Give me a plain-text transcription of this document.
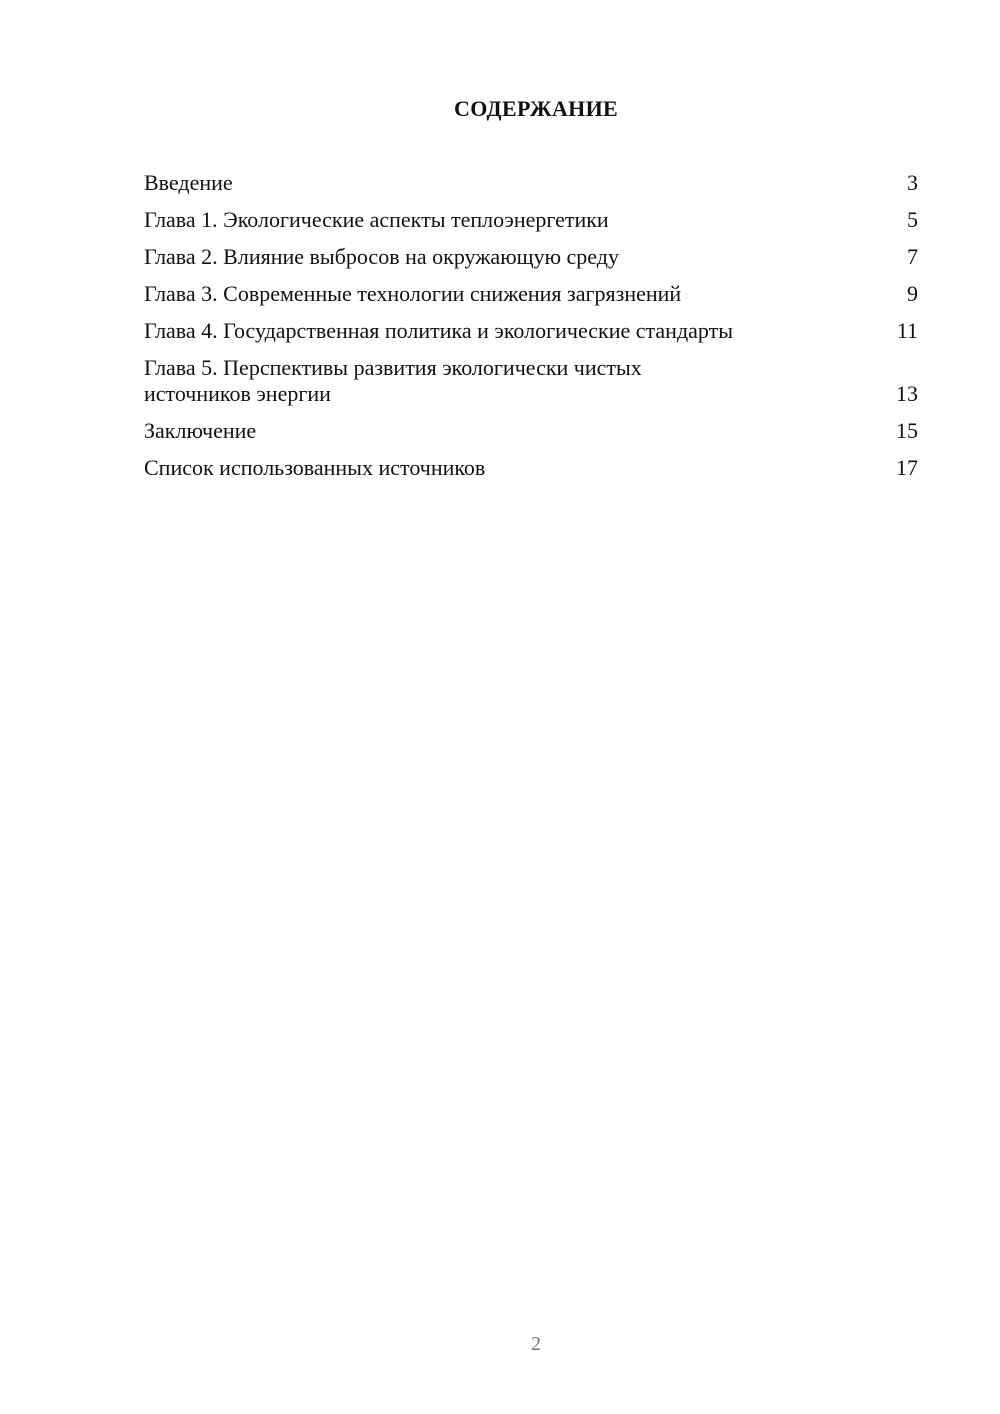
СОДЕРЖАНИЕ
Введение	3
Глава 1. Экологические аспекты теплоэнергетики	5
Глава 2. Влияние выбросов на окружающую среду	7
Глава 3. Современные технологии снижения загрязнений	9
Глава 4. Государственная политика и экологические стандарты	11
Глава 5. Перспективы развития экологически чистых источников энергии	13
Заключение	15
Список использованных источников	17
2
